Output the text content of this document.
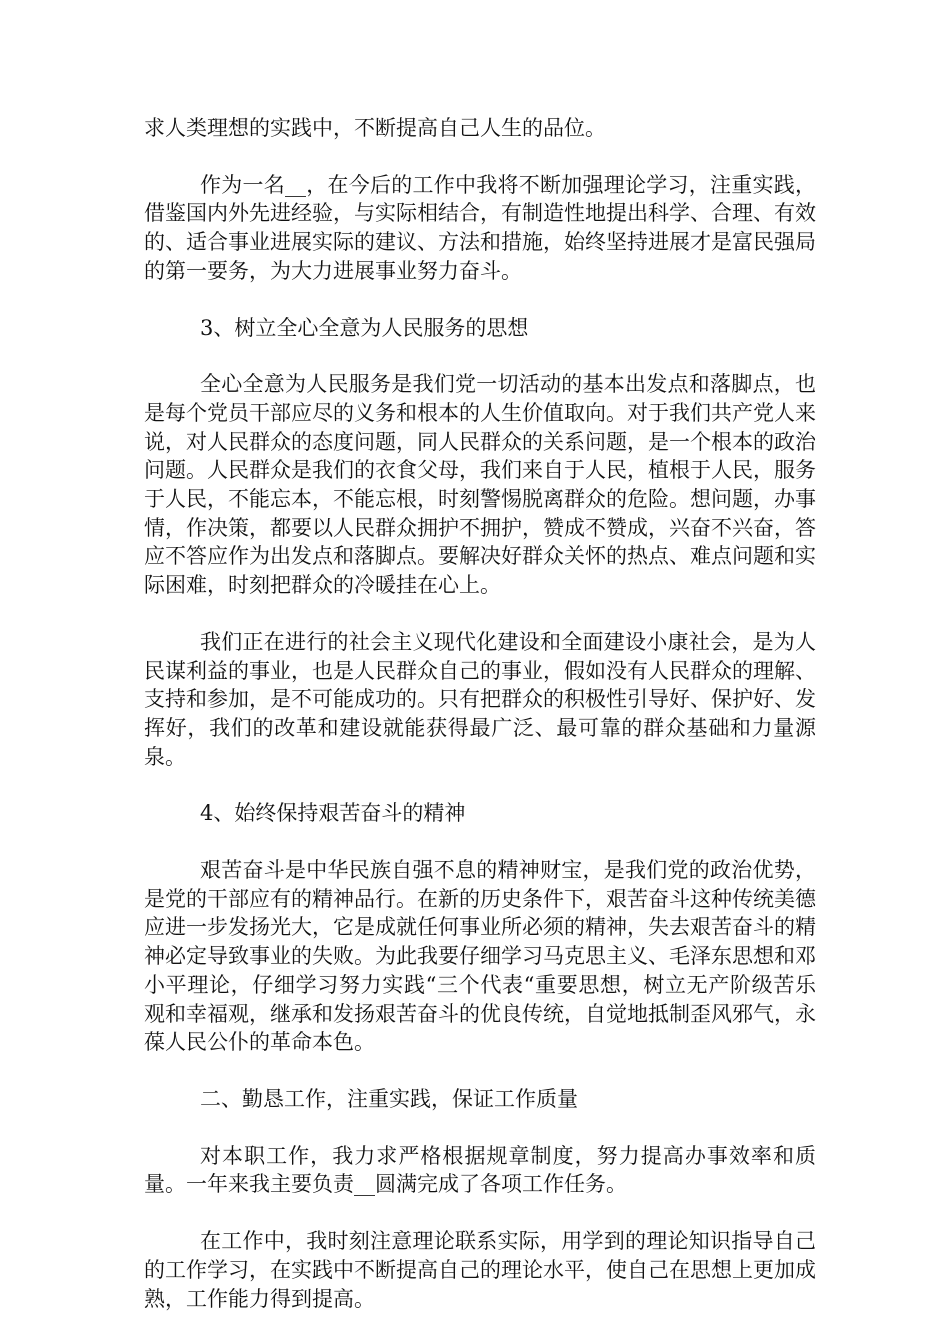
求人类理想的实践中，不断提高自己人生的品位。

作为一名__，在今后的工作中我将不断加强理论学习，注重实践，借鉴国内外先进经验，与实际相结合，有制造性地提出科学、合理、有效的、适合事业进展实际的建议、方法和措施，始终坚持进展才是富民强局的第一要务，为大力进展事业努力奋斗。

3、树立全心全意为人民服务的思想

全心全意为人民服务是我们党一切活动的基本出发点和落脚点，也是每个党员干部应尽的义务和根本的人生价值取向。对于我们共产党人来说，对人民群众的态度问题，同人民群众的关系问题，是一个根本的政治问题。人民群众是我们的衣食父母，我们来自于人民，植根于人民，服务于人民，不能忘本，不能忘根，时刻警惕脱离群众的危险。想问题，办事情，作决策，都要以人民群众拥护不拥护，赞成不赞成，兴奋不兴奋，答应不答应作为出发点和落脚点。要解决好群众关怀的热点、难点问题和实际困难，时刻把群众的冷暖挂在心上。

我们正在进行的社会主义现代化建设和全面建设小康社会，是为人民谋利益的事业，也是人民群众自己的事业，假如没有人民群众的理解、支持和参加，是不可能成功的。只有把群众的积极性引导好、保护好、发挥好，我们的改革和建设就能获得最广泛、最可靠的群众基础和力量源泉。

4、始终保持艰苦奋斗的精神

艰苦奋斗是中华民族自强不息的精神财宝，是我们党的政治优势，是党的干部应有的精神品行。在新的历史条件下，艰苦奋斗这种传统美德应进一步发扬光大，它是成就任何事业所必须的精神，失去艰苦奋斗的精神必定导致事业的失败。为此我要仔细学习马克思主义、毛泽东思想和邓小平理论，仔细学习努力实践“三个代表“重要思想，树立无产阶级苦乐观和幸福观，继承和发扬艰苦奋斗的优良传统，自觉地抵制歪风邪气，永葆人民公仆的革命本色。

二、勤恳工作，注重实践，保证工作质量

对本职工作，我力求严格根据规章制度，努力提高办事效率和质量。一年来我主要负责__圆满完成了各项工作任务。

在工作中，我时刻注意理论联系实际，用学到的理论知识指导自己的工作学习，在实践中不断提高自己的理论水平，使自己在思想上更加成熟，工作能力得到提高。
